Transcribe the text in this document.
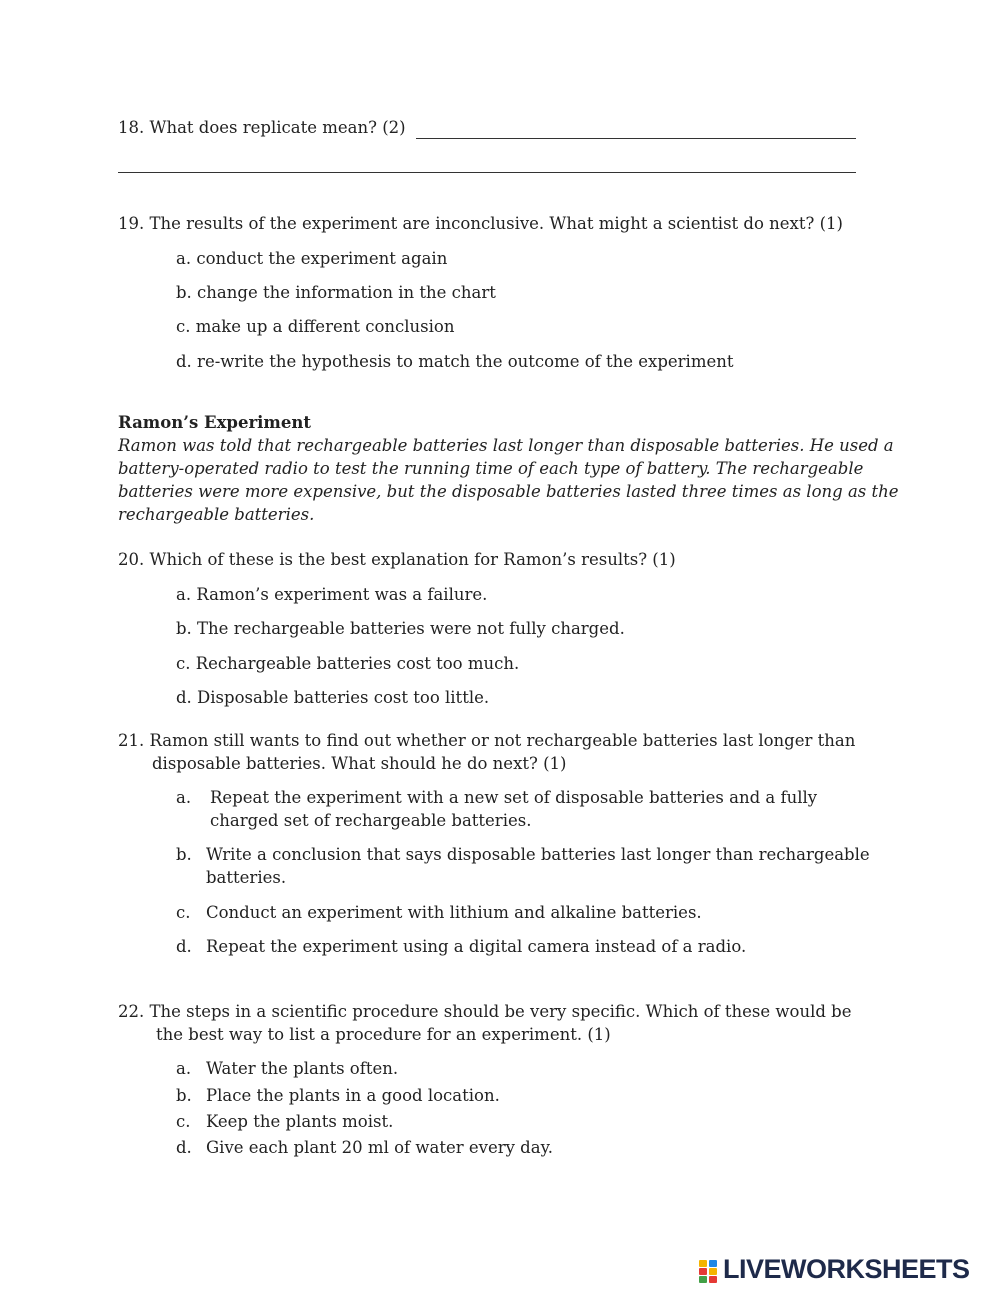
18. What does replicate mean? (2)
19. The results of the experiment are inconclusive. What might a scientist do next? (1)
a. conduct the experiment again
b. change the information in the chart
c. make up a different conclusion
d. re-write the hypothesis to match the outcome of the experiment
Ramon’s Experiment
Ramon was told that rechargeable batteries last longer than disposable batteries. He used a
battery-operated radio to test the running time of each type of battery. The rechargeable
batteries were more expensive, but the disposable batteries lasted three times as long as the
rechargeable batteries.
20. Which of these is the best explanation for Ramon’s results? (1)
a. Ramon’s experiment was a failure.
b. The rechargeable batteries were not fully charged.
c. Rechargeable batteries cost too much.
d. Disposable batteries cost too little.
21. Ramon still wants to find out whether or not rechargeable batteries last longer than
disposable batteries. What should he do next? (1)
a. Repeat the experiment with a new set of disposable batteries and a fully
charged set of rechargeable batteries.
b. Write a conclusion that says disposable batteries last longer than rechargeable
batteries.
c. Conduct an experiment with lithium and alkaline batteries.
d. Repeat the experiment using a digital camera instead of a radio.
22. The steps in a scientific procedure should be very specific. Which of these would be
the best way to list a procedure for an experiment. (1)
a. Water the plants often.
b. Place the plants in a good location.
c. Keep the plants moist.
d. Give each plant 20 ml of water every day.
LIVEWORKSHEETS
